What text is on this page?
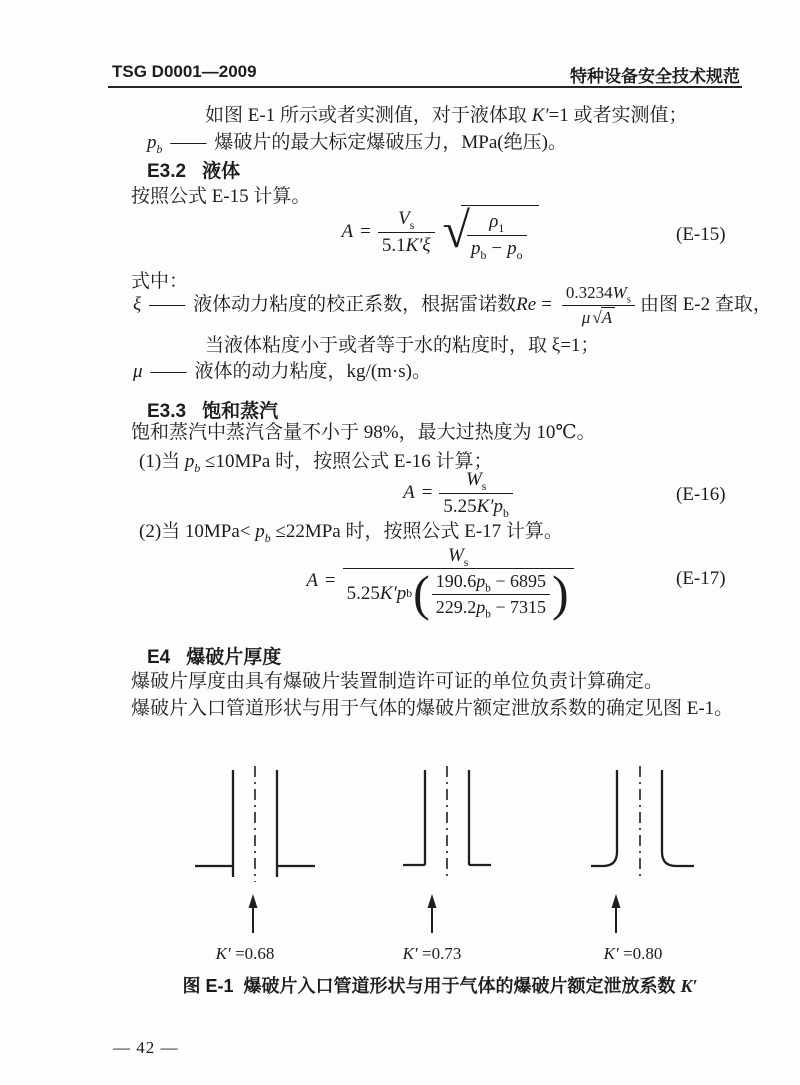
TSG D0001—2009	特种设备安全技术规范
如图 E-1 所示或者实测值，对于液体取 K′=1 或者实测值；
$p_b$ —— 爆破片的最大标定爆破压力，MPa(绝压)。
E3.2 液体
按照公式 E-15 计算。
$A = \frac{V_s}{5.1K'\xi}$ √
$\frac{\rho_1}{p_b - p_o}$	(E-15)
式中：
ξ —— 液体动力粘度的校正系数，根据雷诺数 $Re = \frac{0.3234W_s}{\mu √A}$ 由图 E-2 查取，
当液体粘度小于或者等于水的粘度时，取 ξ=1；
μ —— 液体的动力粘度，kg/(m·s)。
E3.3 饱和蒸汽
饱和蒸汽中蒸汽含量不小于 98%，最大过热度为 10℃。
(1)当 $p_b \le 10MPa$ 时，按照公式 E-16 计算；
$A = \frac{W_s}{5.25K'p_b}$	(E-16)
(2)当 $10MPa< p_b \le 22MPa$ 时，按照公式 E-17 计算。
A =
$W_s$
5.25 K′p b ( $\frac{190.6p_b - 6895}{229.2p_b - 7315}$ )	(E-17)
E4 爆破片厚度
爆破片厚度由具有爆破片装置制造许可证的单位负责计算确定。
爆破片入口管道形状与用于气体的爆破片额定泄放系数的确定见图 E-1。
K′ =0.68	K′ =0.73	K′ =0.80
图 E-1 爆破片入口管道形状与用于气体的爆破片额定泄放系数 K′
— 42 —
